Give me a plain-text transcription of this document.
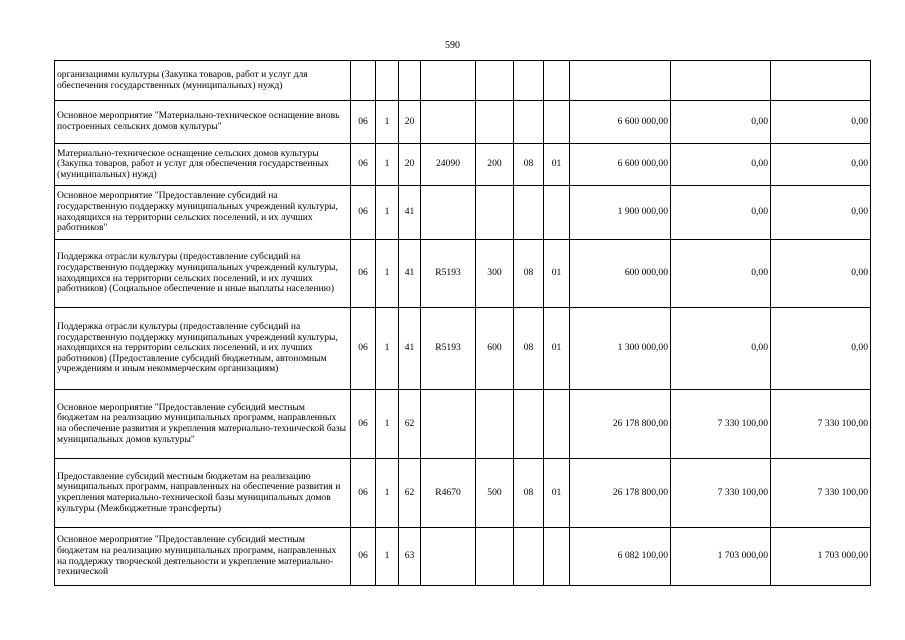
590
организациями культуры (Закупка товаров, работ и услуг для обеспечения государственных (муниципальных) нужд)										
Основное мероприятие "Материально-техническое оснащение вновь построенных сельских домов культуры"	06	1	20					6 600 000,00	0,00	0,00
Материально-техническое оснащение сельских домов культуры (Закупка товаров, работ и услуг для обеспечения государственных (муниципальных) нужд)	06	1	20	24090	200	08	01	6 600 000,00	0,00	0,00
Основное мероприятие "Предоставление субсидий на государственную поддержку муниципальных учреждений культуры, находящихся на территории сельских поселений, и их лучших работников"	06	1	41					1 900 000,00	0,00	0,00
Поддержка отрасли культуры (предоставление субсидий на государственную поддержку муниципальных учреждений культуры, находящихся на территории сельских поселений, и их лучших работников) (Социальное обеспечение и иные выплаты населению)	06	1	41	R5193	300	08	01	600 000,00	0,00	0,00
Поддержка отрасли культуры (предоставление субсидий на государственную поддержку муниципальных учреждений культуры, находящихся на территории сельских поселений, и их лучших работников) (Предоставление субсидий бюджетным, автономным учреждениям и иным некоммерческим организациям)	06	1	41	R5193	600	08	01	1 300 000,00	0,00	0,00
Основное мероприятие "Предоставление субсидий местным бюджетам на реализацию муниципальных программ, направленных на обеспечение развития и укрепления материально-технической базы муниципальных домов культуры"	06	1	62					26 178 800,00	7 330 100,00	7 330 100,00
Предоставление субсидий местным бюджетам на реализацию муниципальных программ, направленных на обеспечение развития и укрепления материально-технической базы муниципальных домов культуры (Межбюджетные трансферты)	06	1	62	R4670	500	08	01	26 178 800,00	7 330 100,00	7 330 100,00
Основное мероприятие "Предоставление субсидий местным бюджетам на реализацию муниципальных программ, направленных на поддержку творческой деятельности и укрепление материально-технической	06	1	63					6 082 100,00	1 703 000,00	1 703 000,00
